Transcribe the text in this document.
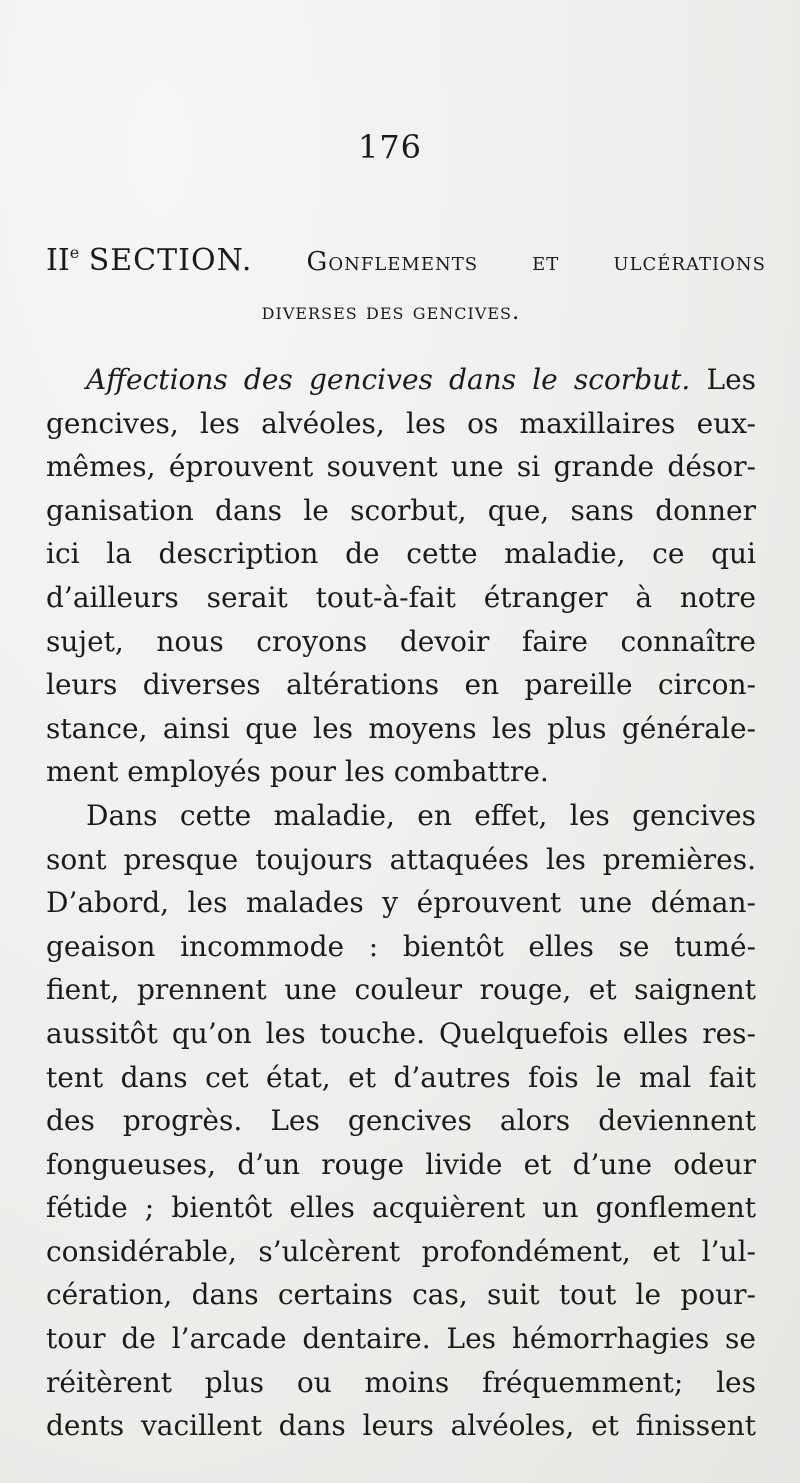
176
IIe SECTION. Gonflements et ulcérations
diverses des gencives.
Affections des gencives dans le scorbut. Les
gencives, les alvéoles, les os maxillaires eux-
mêmes, éprouvent souvent une si grande désor-
ganisation dans le scorbut, que, sans donner
ici la description de cette maladie, ce qui
d’ailleurs serait tout-à-fait étranger à notre
sujet, nous croyons devoir faire connaître
leurs diverses altérations en pareille circon-
stance, ainsi que les moyens les plus générale-
ment employés pour les combattre.
Dans cette maladie, en effet, les gencives
sont presque toujours attaquées les premières.
D’abord, les malades y éprouvent une déman-
geaison incommode : bientôt elles se tumé-
fient, prennent une couleur rouge, et saignent
aussitôt qu’on les touche. Quelquefois elles res-
tent dans cet état, et d’autres fois le mal fait
des progrès. Les gencives alors deviennent
fongueuses, d’un rouge livide et d’une odeur
fétide ; bientôt elles acquièrent un gonflement
considérable, s’ulcèrent profondément, et l’ul-
cération, dans certains cas, suit tout le pour-
tour de l’arcade dentaire. Les hémorrhagies se
réitèrent plus ou moins fréquemment; les
dents vacillent dans leurs alvéoles, et finissent
